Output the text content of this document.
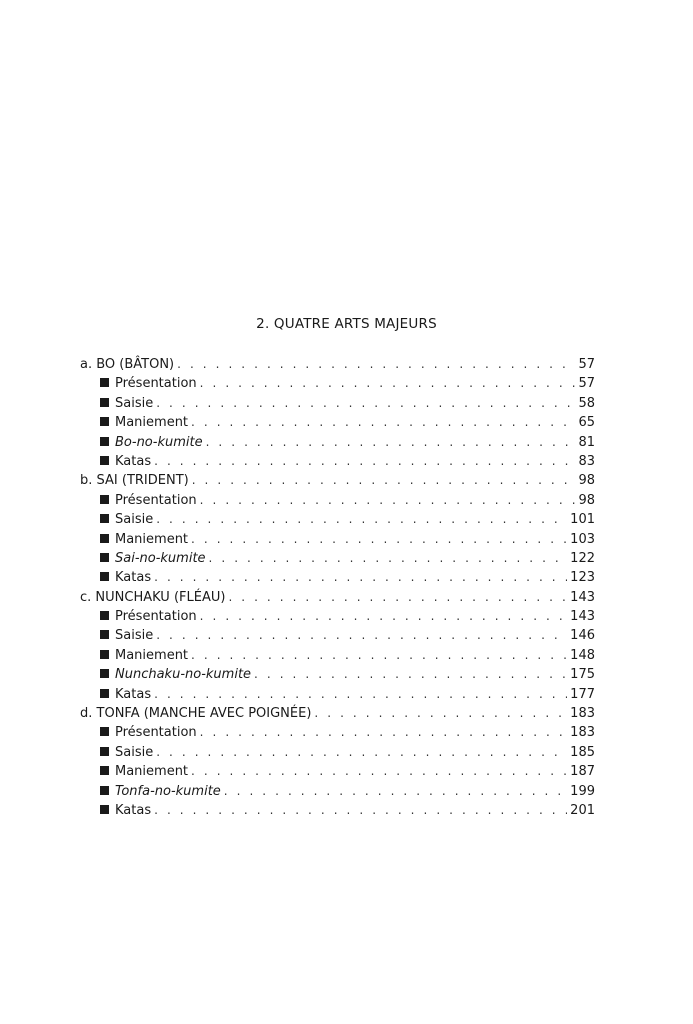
2. QUATRE ARTS MAJEURS
a. BO (BÂTON) . . .	57
Présentation . . .	57
Saisie . . .	58
Maniement . . .	65
Bo-no-kumite . . .	81
Katas . . .	83
b. SAI (TRIDENT) . . .	98
Présentation . . .	98
Saisie . . .	101
Maniement . . .	103
Sai-no-kumite . . .	122
Katas . . .	123
c. NUNCHAKU (FLÉAU) . . .	143
Présentation . . .	143
Saisie . . .	146
Maniement . . .	148
Nunchaku-no-kumite . . .	175
Katas . . .	177
d. TONFA (MANCHE AVEC POIGNÉE) . . .	183
Présentation . . .	183
Saisie . . .	185
Maniement . . .	187
Tonfa-no-kumite . . .	199
Katas . . .	201
